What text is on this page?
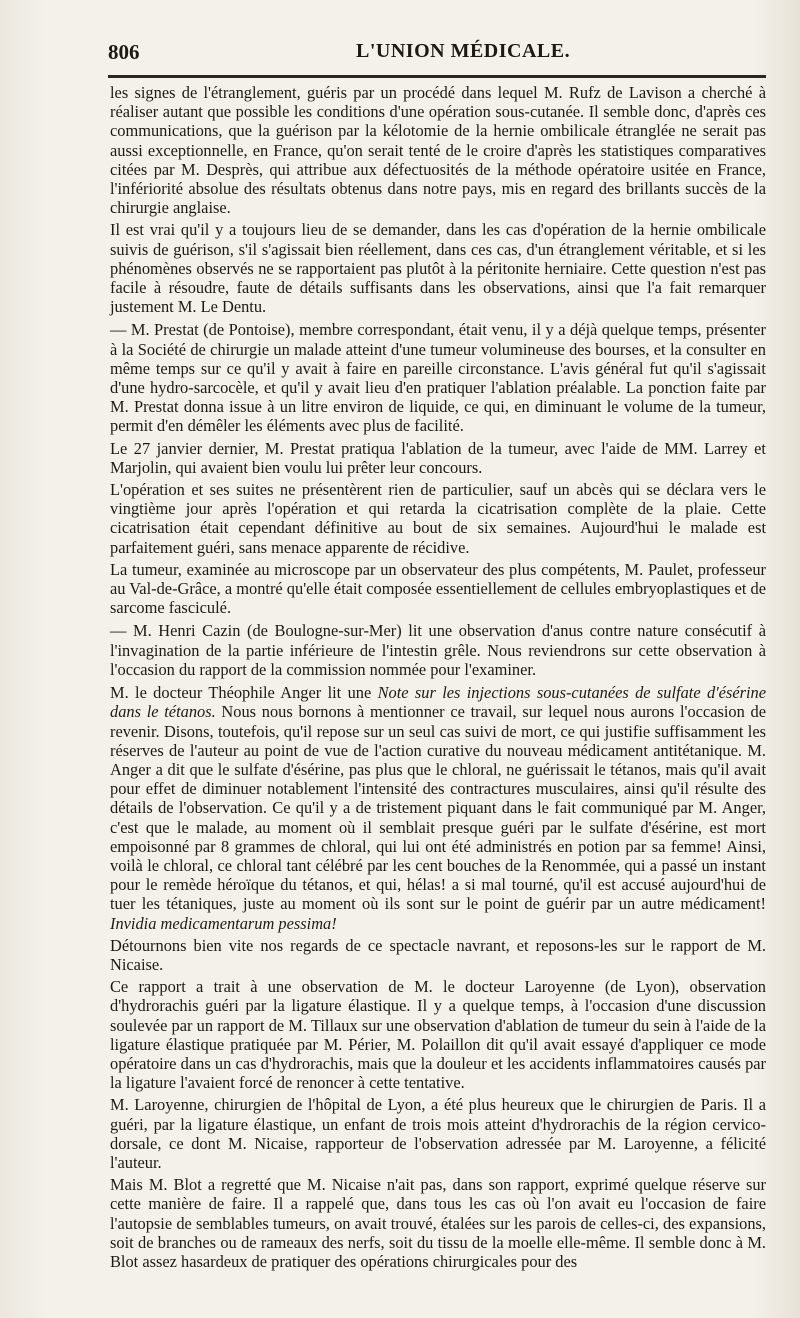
806	L'UNION MÉDICALE.

les signes de l'étranglement, guéris par un procédé dans lequel M. Rufz de Lavison a cherché à réaliser autant que possible les conditions d'une opération sous-cutanée. Il semble donc, d'après ces communications, que la guérison par la kélotomie de la hernie ombilicale étranglée ne serait pas aussi exceptionnelle, en France, qu'on serait tenté de le croire d'après les statistiques comparatives citées par M. Desprès, qui attribue aux défectuosités de la méthode opératoire usitée en France, l'infériorité absolue des résultats obtenus dans notre pays, mis en regard des brillants succès de la chirurgie anglaise.

Il est vrai qu'il y a toujours lieu de se demander, dans les cas d'opération de la hernie ombilicale suivis de guérison, s'il s'agissait bien réellement, dans ces cas, d'un étranglement véritable, et si les phénomènes observés ne se rapportaient pas plutôt à la péritonite herniaire. Cette question n'est pas facile à résoudre, faute de détails suffisants dans les observations, ainsi que l'a fait remarquer justement M. Le Dentu.

— M. Prestat (de Pontoise), membre correspondant, était venu, il y a déjà quelque temps, présenter à la Société de chirurgie un malade atteint d'une tumeur volumineuse des bourses, et la consulter en même temps sur ce qu'il y avait à faire en pareille circonstance. L'avis général fut qu'il s'agissait d'une hydro-sarcocèle, et qu'il y avait lieu d'en pratiquer l'ablation préalable. La ponction faite par M. Prestat donna issue à un litre environ de liquide, ce qui, en diminuant le volume de la tumeur, permit d'en démêler les éléments avec plus de facilité.

Le 27 janvier dernier, M. Prestat pratiqua l'ablation de la tumeur, avec l'aide de MM. Larrey et Marjolin, qui avaient bien voulu lui prêter leur concours.

L'opération et ses suites ne présentèrent rien de particulier, sauf un abcès qui se déclara vers le vingtième jour après l'opération et qui retarda la cicatrisation complète de la plaie. Cette cicatrisation était cependant définitive au bout de six semaines. Aujourd'hui le malade est parfaitement guéri, sans menace apparente de récidive.

La tumeur, examinée au microscope par un observateur des plus compétents, M. Paulet, professeur au Val-de-Grâce, a montré qu'elle était composée essentiellement de cellules embryoplastiques et de sarcome fasciculé.

— M. Henri Cazin (de Boulogne-sur-Mer) lit une observation d'anus contre nature consécutif à l'invagination de la partie inférieure de l'intestin grêle. Nous reviendrons sur cette observation à l'occasion du rapport de la commission nommée pour l'examiner.

M. le docteur Théophile Anger lit une Note sur les injections sous-cutanées de sulfate d'ésérine dans le tétanos. Nous nous bornons à mentionner ce travail, sur lequel nous aurons l'occasion de revenir. Disons, toutefois, qu'il repose sur un seul cas suivi de mort, ce qui justifie suffisamment les réserves de l'auteur au point de vue de l'action curative du nouveau médicament antitétanique. M. Anger a dit que le sulfate d'ésérine, pas plus que le chloral, ne guérissait le tétanos, mais qu'il avait pour effet de diminuer notablement l'intensité des contractures musculaires, ainsi qu'il résulte des détails de l'observation. Ce qu'il y a de tristement piquant dans le fait communiqué par M. Anger, c'est que le malade, au moment où il semblait presque guéri par le sulfate d'ésérine, est mort empoisonné par 8 grammes de chloral, qui lui ont été administrés en potion par sa femme! Ainsi, voilà le chloral, ce chloral tant célébré par les cent bouches de la Renommée, qui a passé un instant pour le remède héroïque du tétanos, et qui, hélas! a si mal tourné, qu'il est accusé aujourd'hui de tuer les tétaniques, juste au moment où ils sont sur le point de guérir par un autre médicament! Invidia medicamentarum pessima!

Détournons bien vite nos regards de ce spectacle navrant, et reposons-les sur le rapport de M. Nicaise.

Ce rapport a trait à une observation de M. le docteur Laroyenne (de Lyon), observation d'hydrorachis guéri par la ligature élastique. Il y a quelque temps, à l'occasion d'une discussion soulevée par un rapport de M. Tillaux sur une observation d'ablation de tumeur du sein à l'aide de la ligature élastique pratiquée par M. Périer, M. Polaillon dit qu'il avait essayé d'appliquer ce mode opératoire dans un cas d'hydrorachis, mais que la douleur et les accidents inflammatoires causés par la ligature l'avaient forcé de renoncer à cette tentative.

M. Laroyenne, chirurgien de l'hôpital de Lyon, a été plus heureux que le chirurgien de Paris. Il a guéri, par la ligature élastique, un enfant de trois mois atteint d'hydrorachis de la région cervico-dorsale, ce dont M. Nicaise, rapporteur de l'observation adressée par M. Laroyenne, a félicité l'auteur.

Mais M. Blot a regretté que M. Nicaise n'ait pas, dans son rapport, exprimé quelque réserve sur cette manière de faire. Il a rappelé que, dans tous les cas où l'on avait eu l'occasion de faire l'autopsie de semblables tumeurs, on avait trouvé, étalées sur les parois de celles-ci, des expansions, soit de branches ou de rameaux des nerfs, soit du tissu de la moelle elle-même. Il semble donc à M. Blot assez hasardeux de pratiquer des opérations chirurgicales pour des
